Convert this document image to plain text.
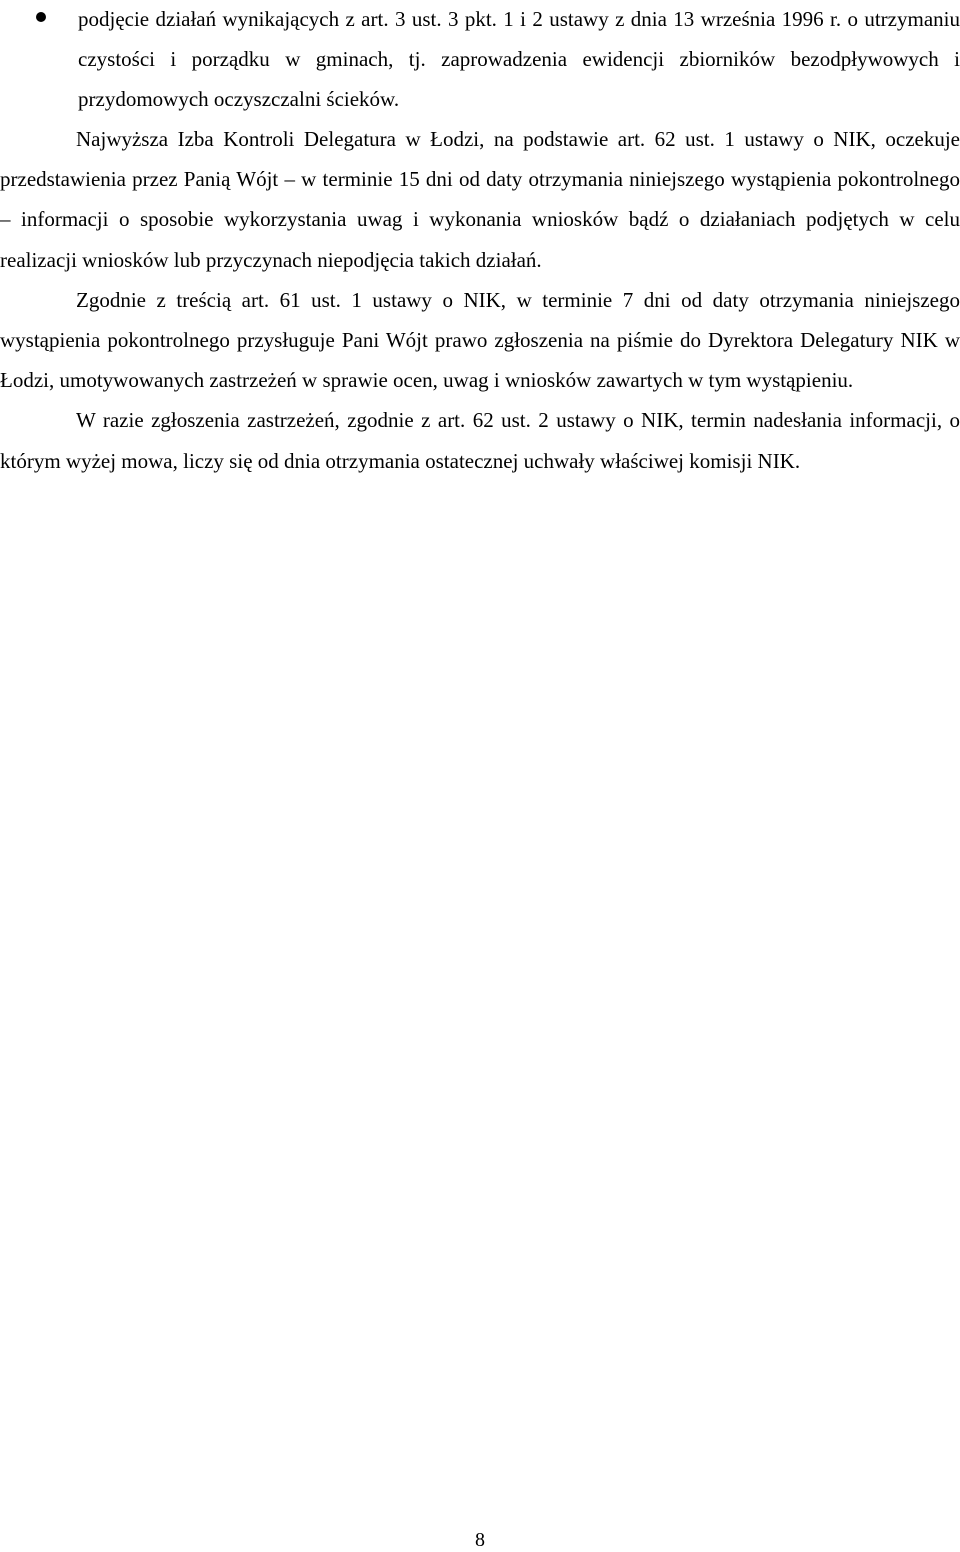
podjęcie działań wynikających z art. 3 ust. 3 pkt. 1 i 2 ustawy z dnia 13 września 1996 r. o utrzymaniu czystości i porządku w gminach, tj. zaprowadzenia ewidencji zbiorników bezodpływowych i przydomowych oczyszczalni ścieków.

Najwyższa Izba Kontroli Delegatura w Łodzi, na podstawie art. 62 ust. 1 ustawy o NIK, oczekuje przedstawienia przez Panią Wójt – w terminie 15 dni od daty otrzymania niniejszego wystąpienia pokontrolnego – informacji o sposobie wykorzystania uwag i wykonania wniosków bądź o działaniach podjętych w celu realizacji wniosków lub przyczynach niepodjęcia takich działań.

Zgodnie z treścią art. 61 ust. 1 ustawy o NIK, w terminie 7 dni od daty otrzymania niniejszego wystąpienia pokontrolnego przysługuje Pani Wójt prawo zgłoszenia na piśmie do Dyrektora Delegatury NIK w Łodzi, umotywowanych zastrzeżeń w sprawie ocen, uwag i wniosków zawartych w tym wystąpieniu.

W razie zgłoszenia zastrzeżeń, zgodnie z art. 62 ust. 2 ustawy o NIK, termin nadesłania informacji, o którym wyżej mowa, liczy się od dnia otrzymania ostatecznej uchwały właściwej komisji NIK.

8
